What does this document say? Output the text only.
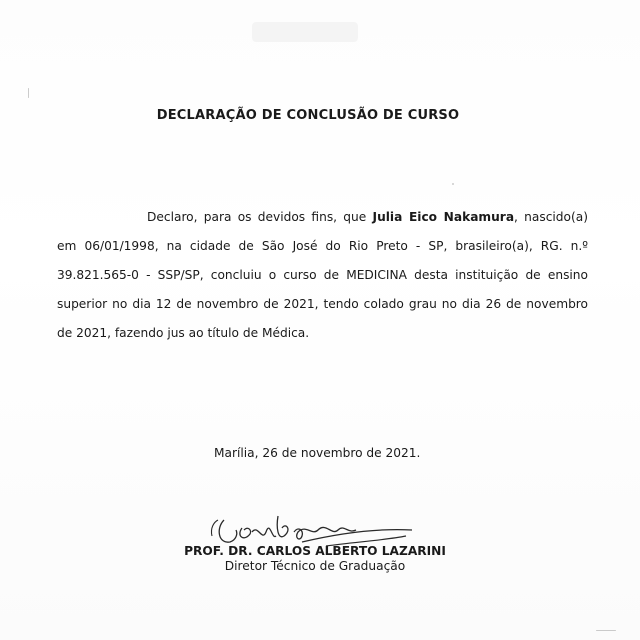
DECLARAÇÃO DE CONCLUSÃO DE CURSO
Declaro, para os devidos fins, que Julia Eico Nakamura, nascido(a) em 06/01/1998, na cidade de São José do Rio Preto - SP, brasileiro(a), RG. n.º 39.821.565-0 - SSP/SP, concluiu o curso de MEDICINA desta instituição de ensino superior no dia 12 de novembro de 2021, tendo colado grau no dia 26 de novembro de 2021, fazendo jus ao título de Médica.
Marília, 26 de novembro de 2021.
PROF. DR. CARLOS ALBERTO LAZARINI
Diretor Técnico de Graduação
